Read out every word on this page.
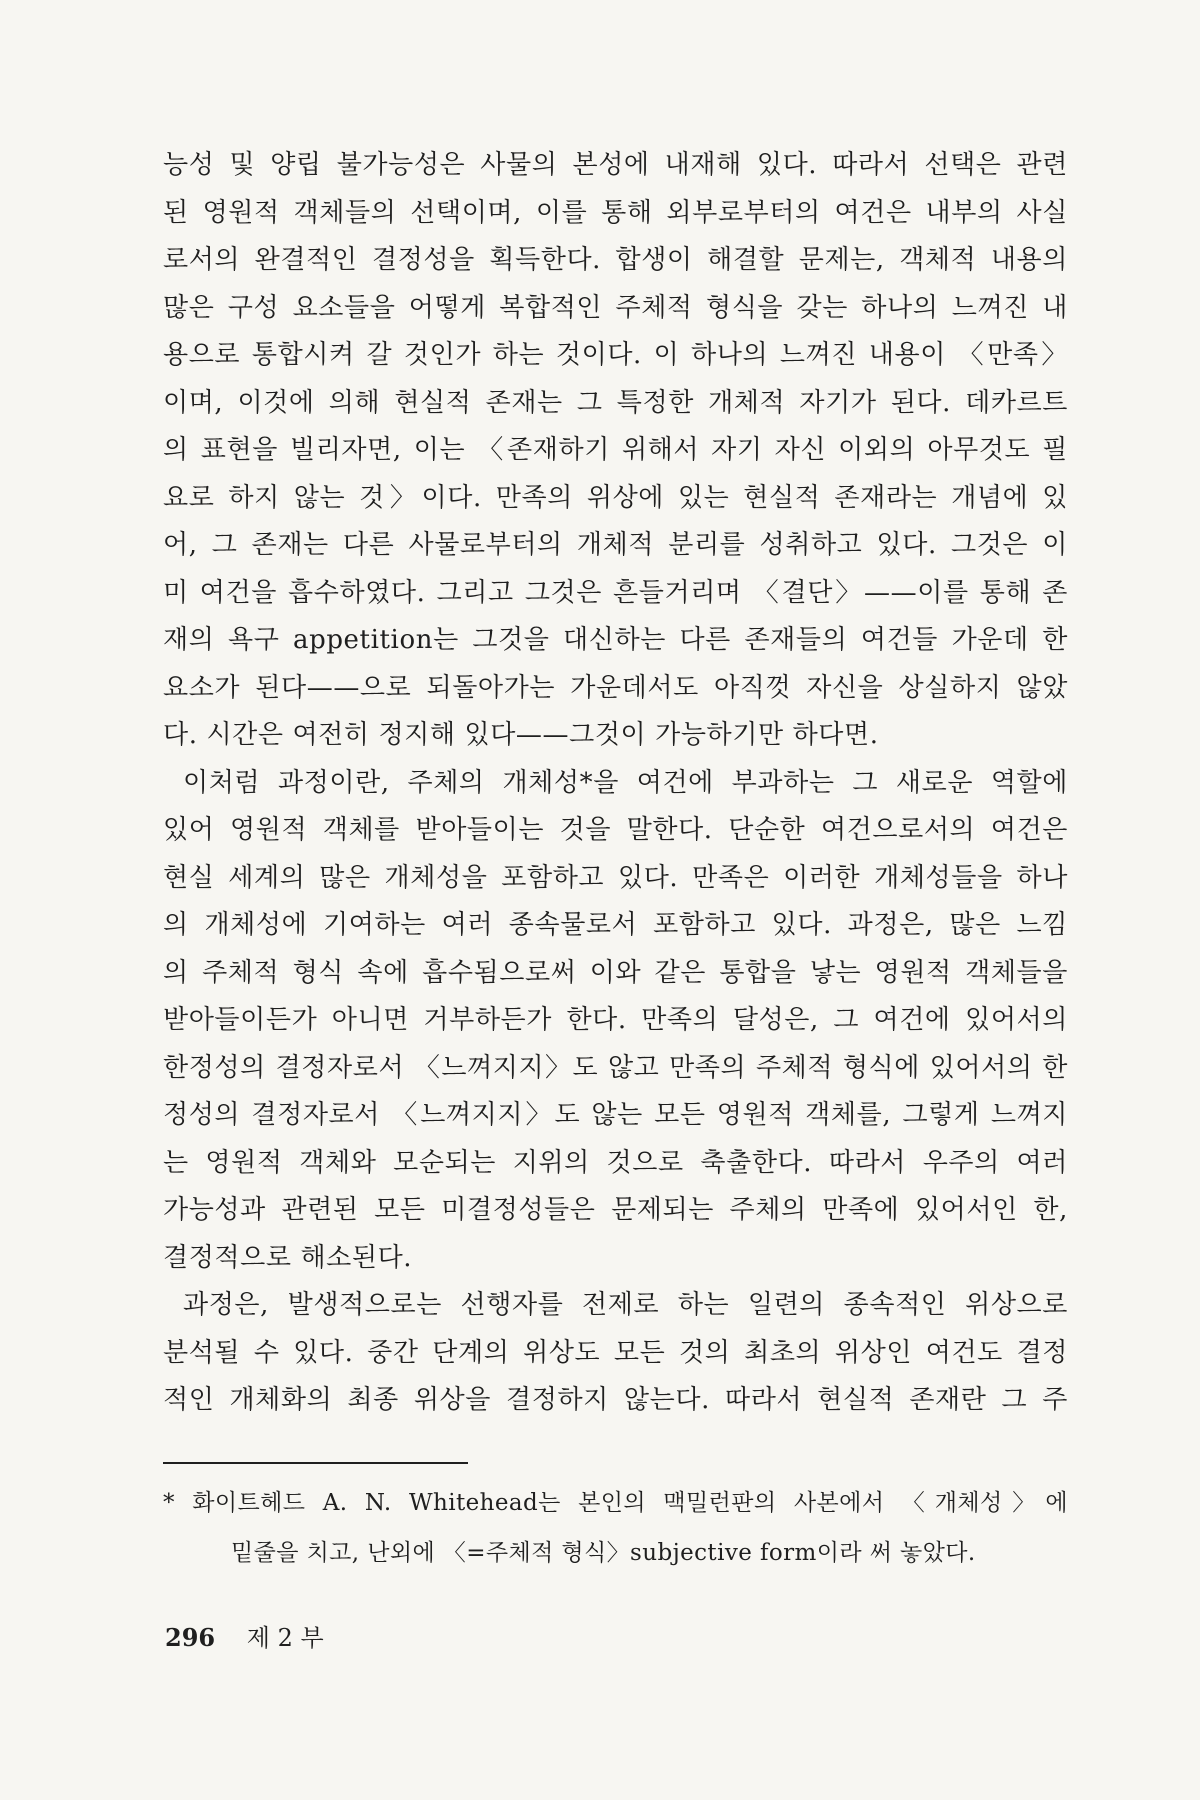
능성 및 양립 불가능성은 사물의 본성에 내재해 있다. 따라서 선택은 관련
된 영원적 객체들의 선택이며, 이를 통해 외부로부터의 여건은 내부의 사실
로서의 완결적인 결정성을 획득한다. 합생이 해결할 문제는, 객체적 내용의
많은 구성 요소들을 어떻게 복합적인 주체적 형식을 갖는 하나의 느껴진 내
용으로 통합시켜 갈 것인가 하는 것이다. 이 하나의 느껴진 내용이 〈만족〉
이며, 이것에 의해 현실적 존재는 그 특정한 개체적 자기가 된다. 데카르트
의 표현을 빌리자면, 이는 〈존재하기 위해서 자기 자신 이외의 아무것도 필
요로 하지 않는 것〉이다. 만족의 위상에 있는 현실적 존재라는 개념에 있
어, 그 존재는 다른 사물로부터의 개체적 분리를 성취하고 있다. 그것은 이
미 여건을 흡수하였다. 그리고 그것은 흔들거리며 〈결단〉——이를 통해 존
재의 욕구 appetition는 그것을 대신하는 다른 존재들의 여건들 가운데 한
요소가 된다——으로 되돌아가는 가운데서도 아직껏 자신을 상실하지 않았
다. 시간은 여전히 정지해 있다——그것이 가능하기만 하다면.
이처럼 과정이란, 주체의 개체성*을 여건에 부과하는 그 새로운 역할에
있어 영원적 객체를 받아들이는 것을 말한다. 단순한 여건으로서의 여건은
현실 세계의 많은 개체성을 포함하고 있다. 만족은 이러한 개체성들을 하나
의 개체성에 기여하는 여러 종속물로서 포함하고 있다. 과정은, 많은 느낌
의 주체적 형식 속에 흡수됨으로써 이와 같은 통합을 낳는 영원적 객체들을
받아들이든가 아니면 거부하든가 한다. 만족의 달성은, 그 여건에 있어서의
한정성의 결정자로서 〈느껴지지〉도 않고 만족의 주체적 형식에 있어서의 한
정성의 결정자로서 〈느껴지지〉도 않는 모든 영원적 객체를, 그렇게 느껴지
는 영원적 객체와 모순되는 지위의 것으로 축출한다. 따라서 우주의 여러
가능성과 관련된 모든 미결정성들은 문제되는 주체의 만족에 있어서인 한,
결정적으로 해소된다.
과정은, 발생적으로는 선행자를 전제로 하는 일련의 종속적인 위상으로
분석될 수 있다. 중간 단계의 위상도 모든 것의 최초의 위상인 여건도 결정
적인 개체화의 최종 위상을 결정하지 않는다. 따라서 현실적 존재란 그 주
* 화이트헤드 A. N. Whitehead는 본인의 맥밀런판의 사본에서 〈개체성〉에
밑줄을 치고, 난외에 〈=주체적 형식〉subjective form이라 써 놓았다.
296 제 2 부
